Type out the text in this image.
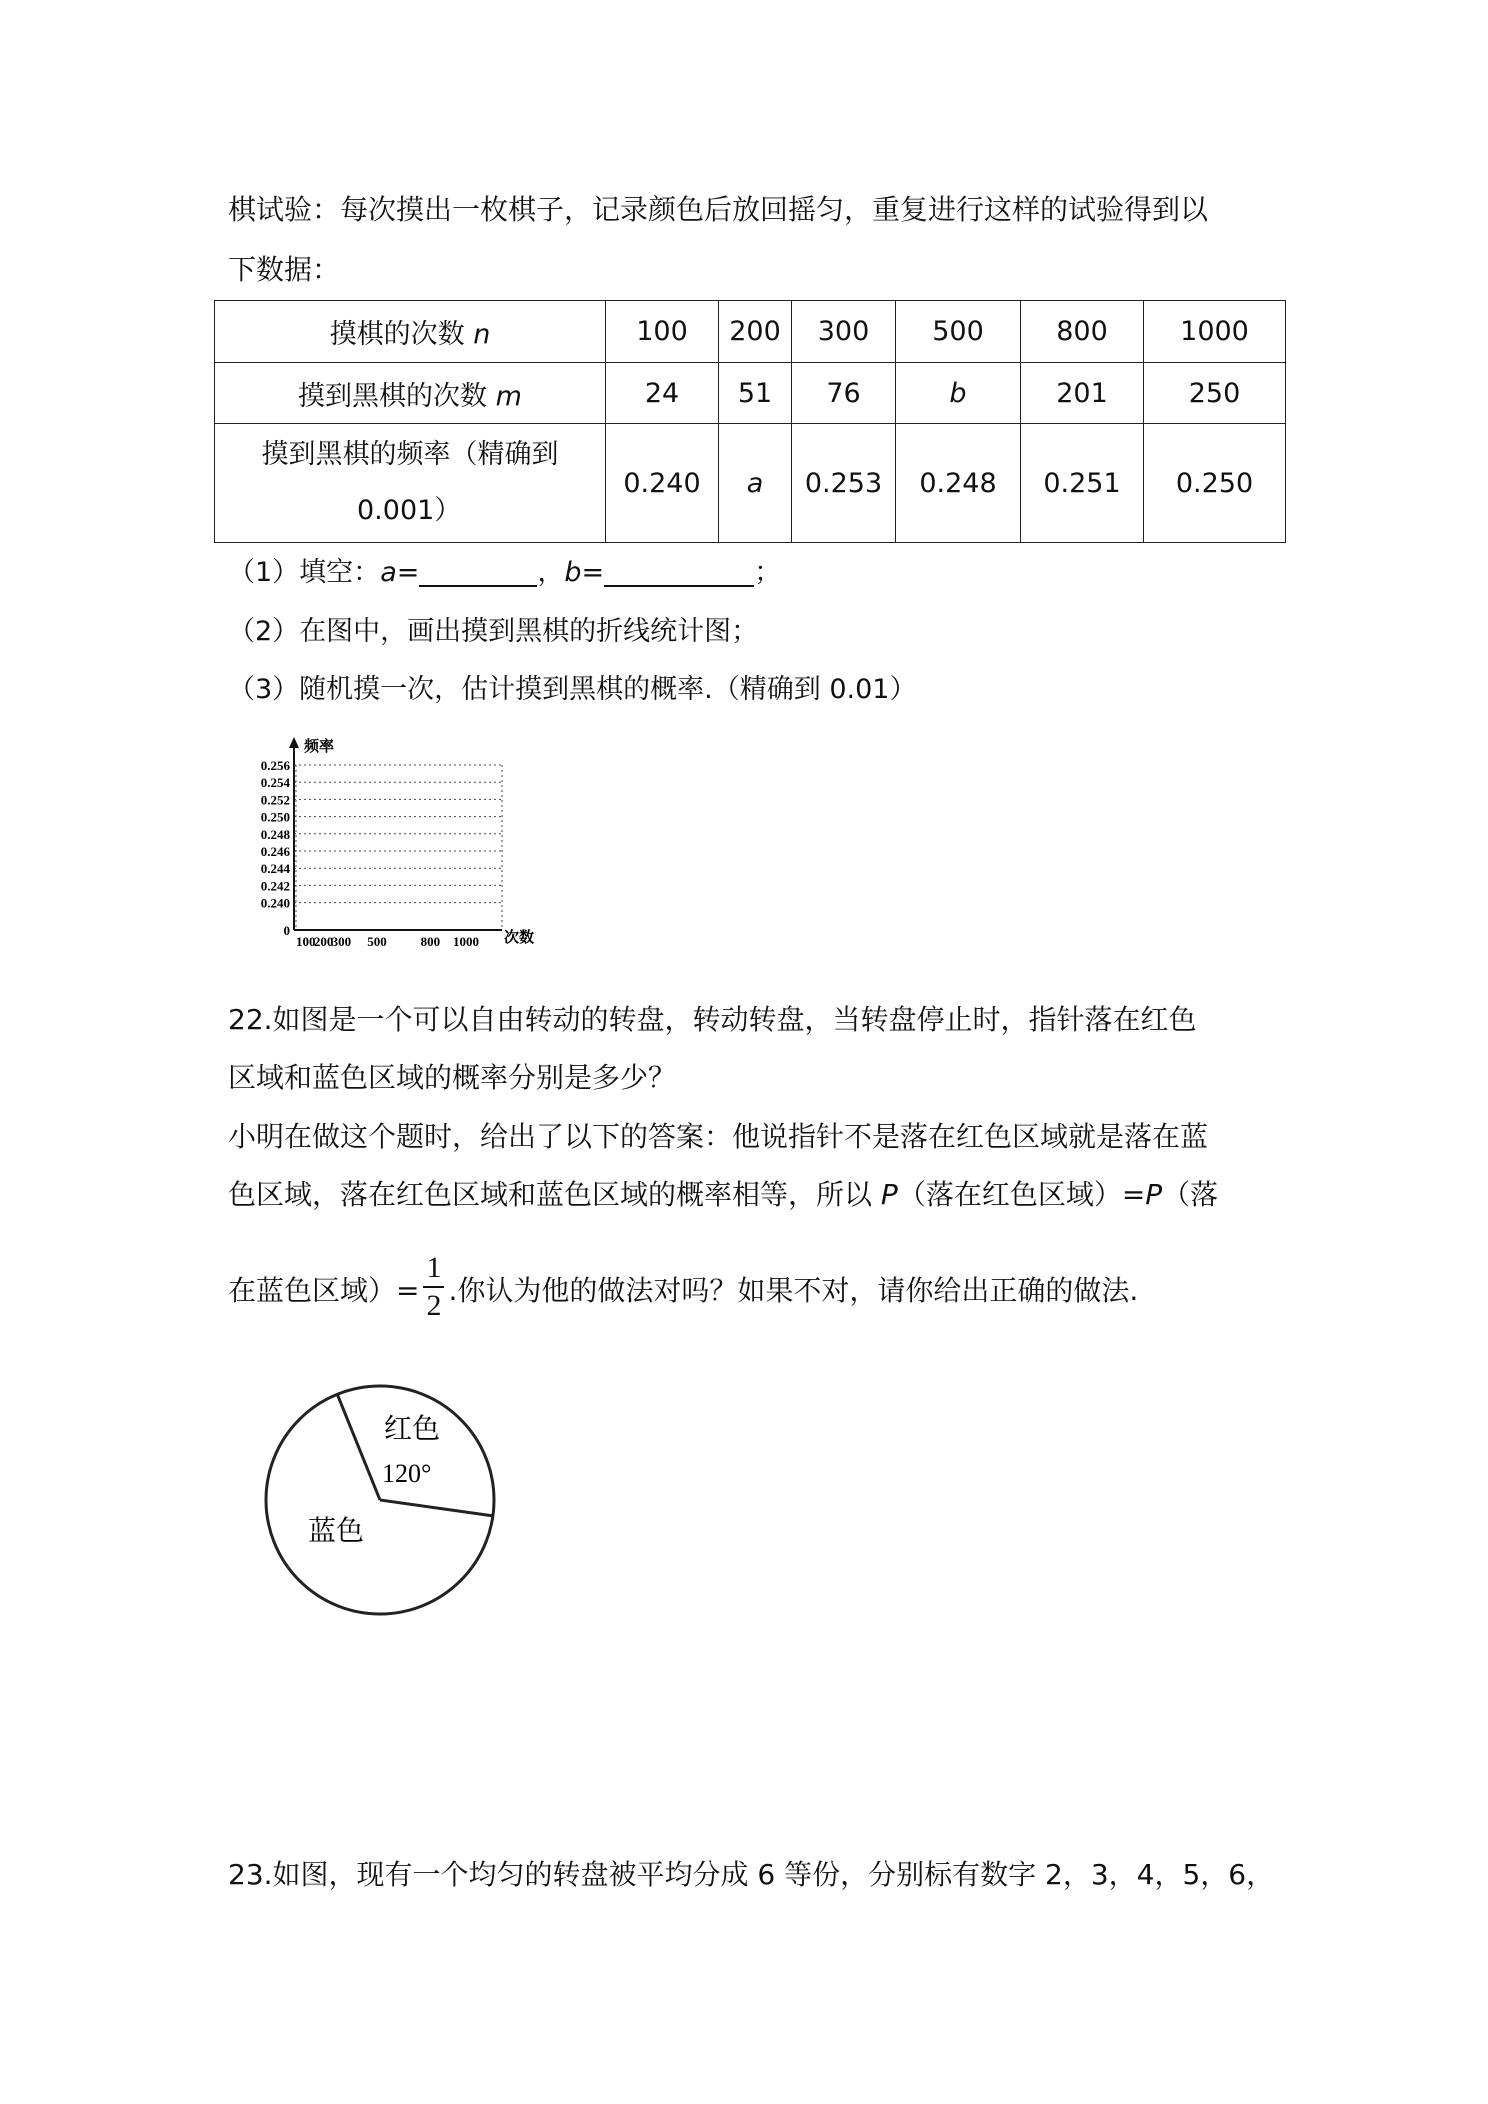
棋试验：每次摸出一枚棋子，记录颜色后放回摇匀，重复进行这样的试验得到以
下数据：
摸棋的次数 n	100	200	300	500	800	1000
摸到黑棋的次数 m	24	51	76	b	201	250

摸到黑棋的频率（精确到
0.001）	0.240	a	0.253	0.248	0.251	0.250
（1）填空：a=	，b=	；
（2）在图中，画出摸到黑棋的折线统计图；
（3）随机摸一次，估计摸到黑棋的概率.（精确到 0.01）
0.256
0.254
0.252
0.250
0.248
0.246
0.244
0.242
0.240
0
100
200
300 500	800 1000
频率
次数
22.如图是一个可以自由转动的转盘，转动转盘，当转盘停止时，指针落在红色
区域和蓝色区域的概率分别是多少？
小明在做这个题时，给出了以下的答案：他说指针不是落在红色区域就是落在蓝
色区域，落在红色区域和蓝色区域的概率相等，所以 P（落在红色区域）=P（落
在蓝色区域）= $\frac{1}{2}$ .你认为他的做法对吗？如果不对，请你给出正确的做法.
红色
120°
蓝色
23.如图，现有一个均匀的转盘被平均分成 6 等份，分别标有数字 2，3，4，5，6，
